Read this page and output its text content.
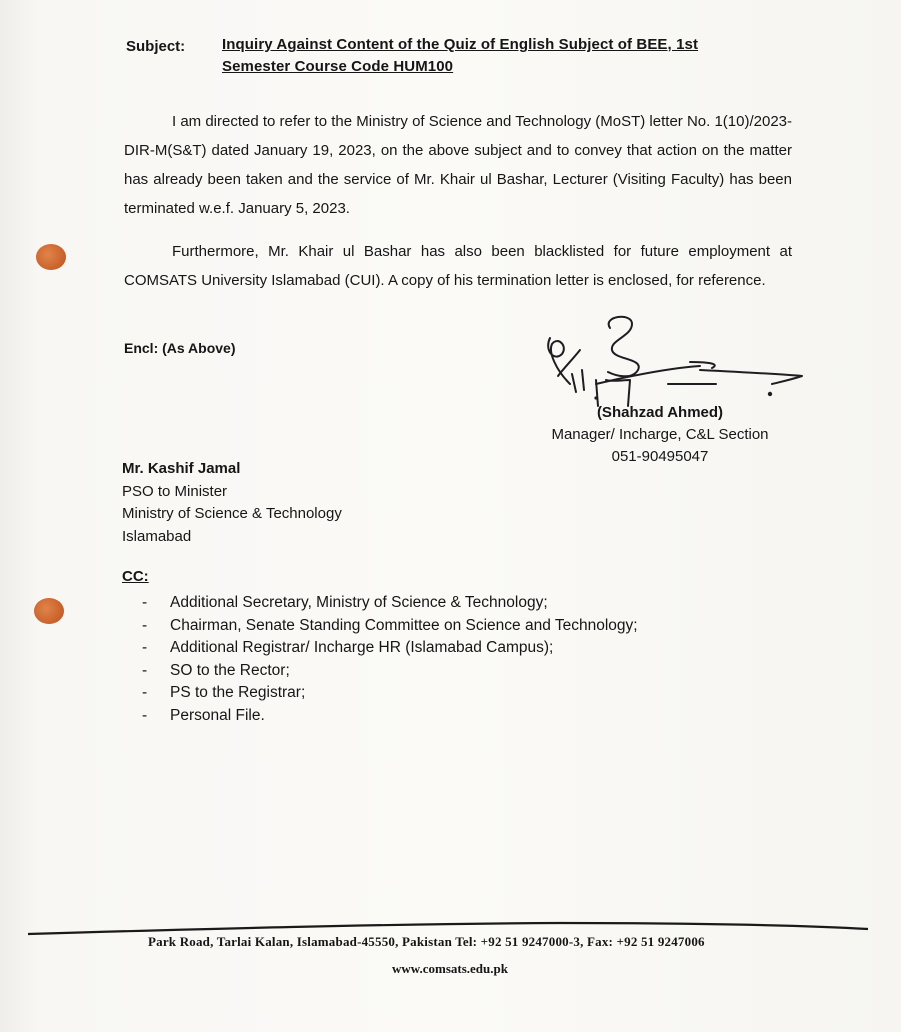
Subject: Inquiry Against Content of the Quiz of English Subject of BEE, 1st
Semester Course Code HUM100

I am directed to refer to the Ministry of Science and Technology (MoST) letter No. 1(10)/2023-DIR-M(S&T) dated January 19, 2023, on the above subject and to convey that action on the matter has already been taken and the service of Mr. Khair ul Bashar, Lecturer (Visiting Faculty) has been terminated w.e.f. January 5, 2023.

Furthermore, Mr. Khair ul Bashar has also been blacklisted for future employment at COMSATS University Islamabad (CUI). A copy of his termination letter is enclosed, for reference.

Encl: (As Above)
(Shahzad Ahmed)
Manager/ Incharge, C&L Section
051-90495047
Mr. Kashif Jamal
PSO to Minister
Ministry of Science & Technology
Islamabad
CC:
-	Additional Secretary, Ministry of Science & Technology;
-	Chairman, Senate Standing Committee on Science and Technology;
-	Additional Registrar/ Incharge HR (Islamabad Campus);
-	SO to the Rector;
-	PS to the Registrar;
-	Personal File.
Park Road, Tarlai Kalan, Islamabad-45550, Pakistan Tel: +92 51 9247000-3, Fax: +92 51 9247006
www.comsats.edu.pk
